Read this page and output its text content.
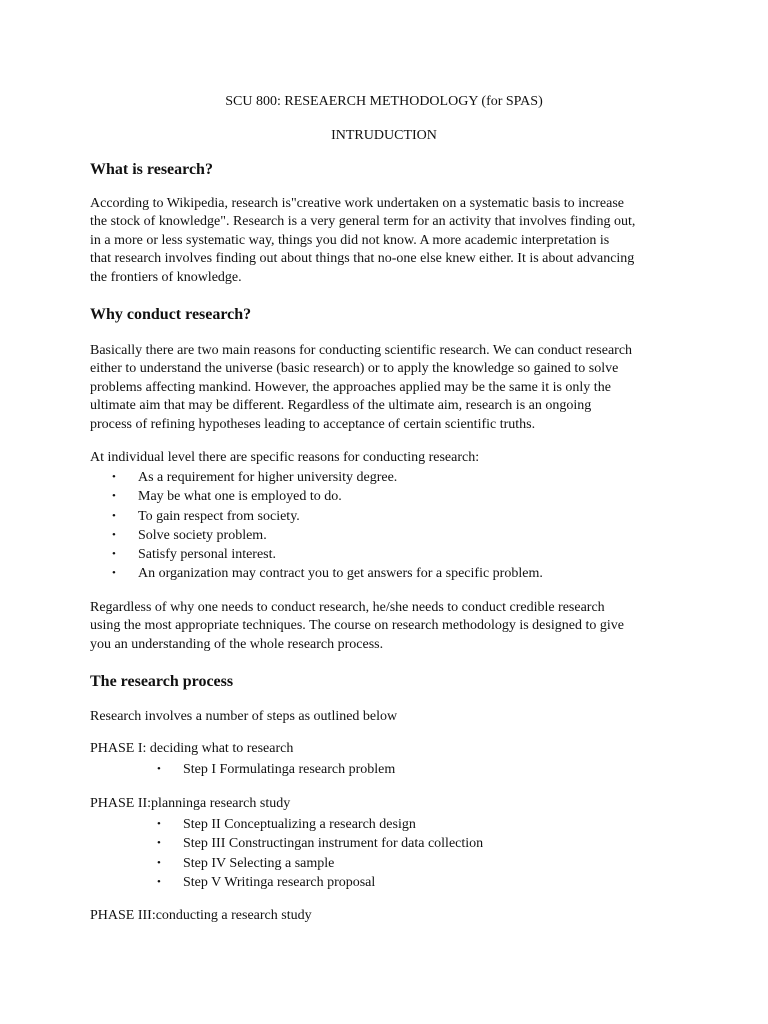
SCU 800: RESEAERCH METHODOLOGY (for SPAS)
INTRUDUCTION
What is research?
According to Wikipedia, research is"creative work undertaken on a systematic basis to increase
the stock of knowledge". Research is a very general term for an activity that involves finding out,
in a more or less systematic way, things you did not know. A more academic interpretation is
that research involves finding out about things that no-one else knew either. It is about advancing
the frontiers of knowledge.
Why conduct research?
Basically there are two main reasons for conducting scientific research. We can conduct research
either to understand the universe (basic research) or to apply the knowledge so gained to solve
problems affecting mankind. However, the approaches applied may be the same it is only the
ultimate aim that may be different. Regardless of the ultimate aim, research is an ongoing
process of refining hypotheses leading to acceptance of certain scientific truths.
At individual level there are specific reasons for conducting research:
• As a requirement for higher university degree.
• May be what one is employed to do.
• To gain respect from society.
• Solve society problem.
• Satisfy personal interest.
• An organization may contract you to get answers for a specific problem.
Regardless of why one needs to conduct research, he/she needs to conduct credible research
using the most appropriate techniques. The course on research methodology is designed to give
you an understanding of the whole research process.
The research process
Research involves a number of steps as outlined below
PHASE I: deciding what to research
• Step I Formulatinga research problem
PHASE II:planninga research study
• Step II Conceptualizing a research design
• Step III Constructingan instrument for data collection
• Step IV Selecting a sample
• Step V Writinga research proposal
PHASE III:conducting a research study
